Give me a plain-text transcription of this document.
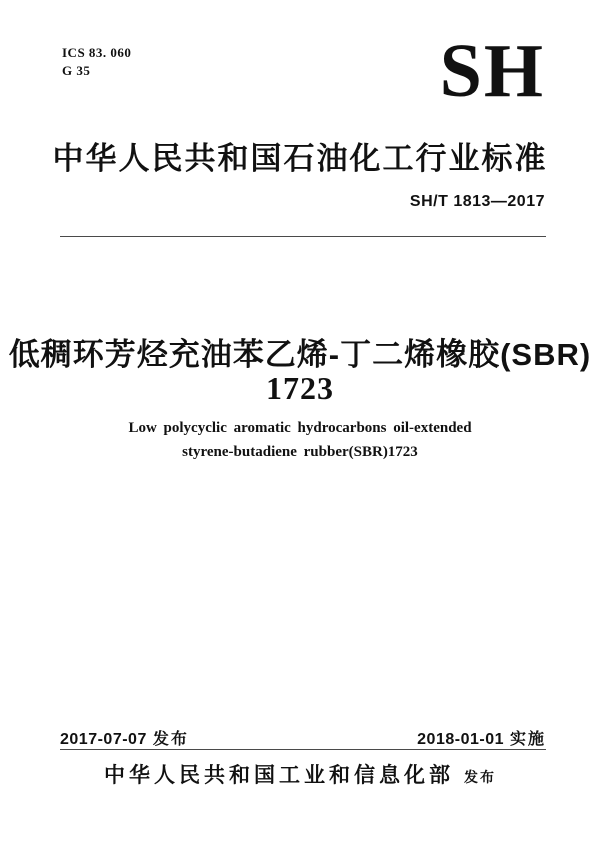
ICS 83. 060
G 35	SH
中华人民共和国石油化工行业标准
SH/T 1813—2017
低稠环芳烃充油苯乙烯-丁二烯橡胶(SBR)
1723
Low polycyclic aromatic hydrocarbons oil-extended
styrene-butadiene rubber(SBR)1723
2017-07-07 发布	2018-01-01 实施
中华人民共和国工业和信息化部 发布
